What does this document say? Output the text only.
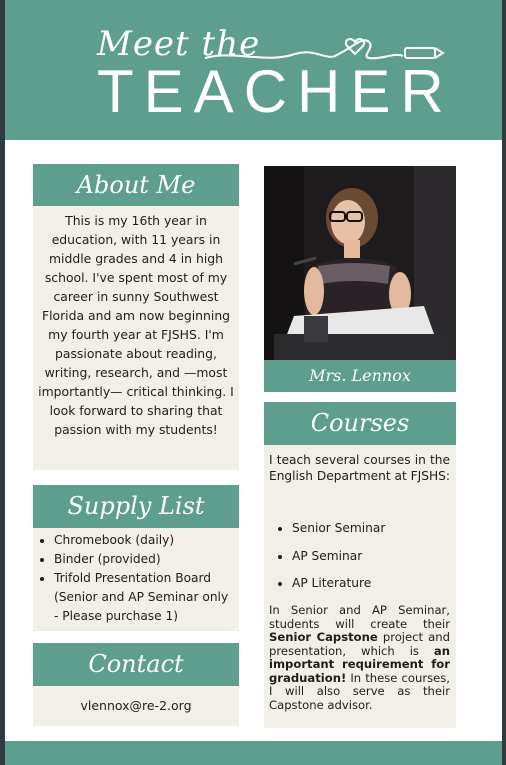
Meet the
TEACHER
About Me
This is my 16th year in education, with 11 years in middle grades and 4 in high school. I've spent most of my career in sunny Southwest Florida and am now beginning my fourth year at FJSHS. I'm passionate about reading, writing, research, and —most importantly— critical thinking. I look forward to sharing that passion with my students!
Supply List
• Chromebook (daily)
• Binder (provided)
• Trifold Presentation Board (Senior and AP Seminar only - Please purchase 1)
Contact
vlennox@re-2.org
Mrs. Lennox
Courses
I teach several courses in the English Department at FJSHS:
• Senior Seminar
• AP Seminar
• AP Literature
In Senior and AP Seminar, students will create their Senior Capstone project and presentation, which is an important requirement for graduation! In these courses, I will also serve as their Capstone advisor.
